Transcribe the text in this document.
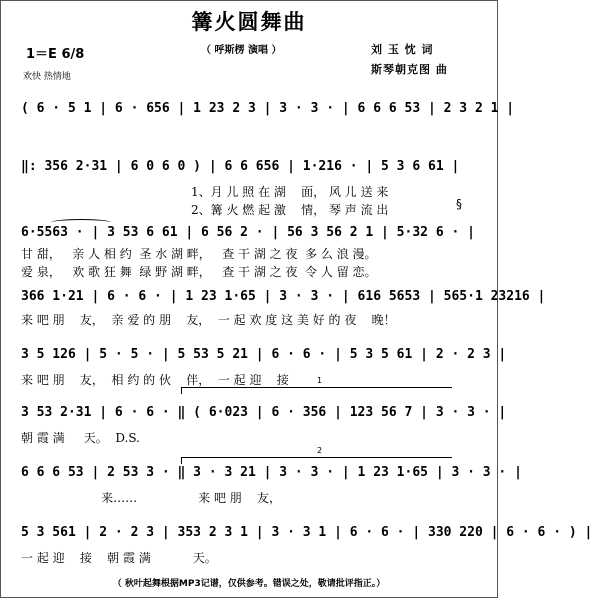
篝火圆舞曲
（ 呼斯楞 演唱 ）	刘 玉 忱 词
斯琴朝克图 曲
1＝E 6/8
欢快 热情地
( 6 · 5 1 | 6 · 656 | 1 23 2 3 | 3 · 3 · | 6 6 6 53 | 2 3 2 1 |
‖: 356 2·31 | 6 0 6 0 ) | 6 6 656 | 1·216 · | 5 3 6 61 |
1、月 儿 照 在 湖    面， 风 儿 送 来
2、篝 火 燃 起 激    情， 琴 声 流 出
6·5563 · | 3 53 6 61 | 6 56 2 · | 56 3 56 2 1 | 5·32 6 · |
甘 甜，   亲 人 相 约  圣 水 湖 畔，   查 干 湖 之 夜  多 么 浪 漫。
爱 泉，   欢 歌 狂 舞  绿 野 湖 畔，   查 干 湖 之 夜  令 人 留 恋。
§
366 1·21 | 6 · 6 · | 1 23 1·65 | 3 · 3 · | 616 5653 | 565·1 23216 |
来 吧 朋    友，  亲 爱 的 朋    友，  一 起 欢 度 这 美 好 的 夜    晚！
3 5 126 | 5 · 5 · | 5 53 5 21 | 6 · 6 · | 5 3 5 61 | 2 · 2 3 |
来 吧 朋    友，  相 约 的 伙    伴，  一 起 迎    接	1
3 53 2·31 | 6 · 6 · ‖ ( 6·023 | 6 · 356 | 123 56 7 | 3 · 3 · |
朝 霞 满     天。  D.S.
2
6 6 6 53 | 2 53 3 · ‖ 3 · 3 21 | 3 · 3 · | 1 23 1·65 | 3 · 3 · |
来……                来 吧 朋    友，
5 3 561 | 2 · 2 3 | 353 2 3 1 | 3 · 3 1 | 6 · 6 · | 330 220 | 6 · 6 · ) |
一 起 迎    接    朝 霞 满           天。
（ 秋叶起舞根据MP3记谱，仅供参考。错误之处，敬请批评指正。）
